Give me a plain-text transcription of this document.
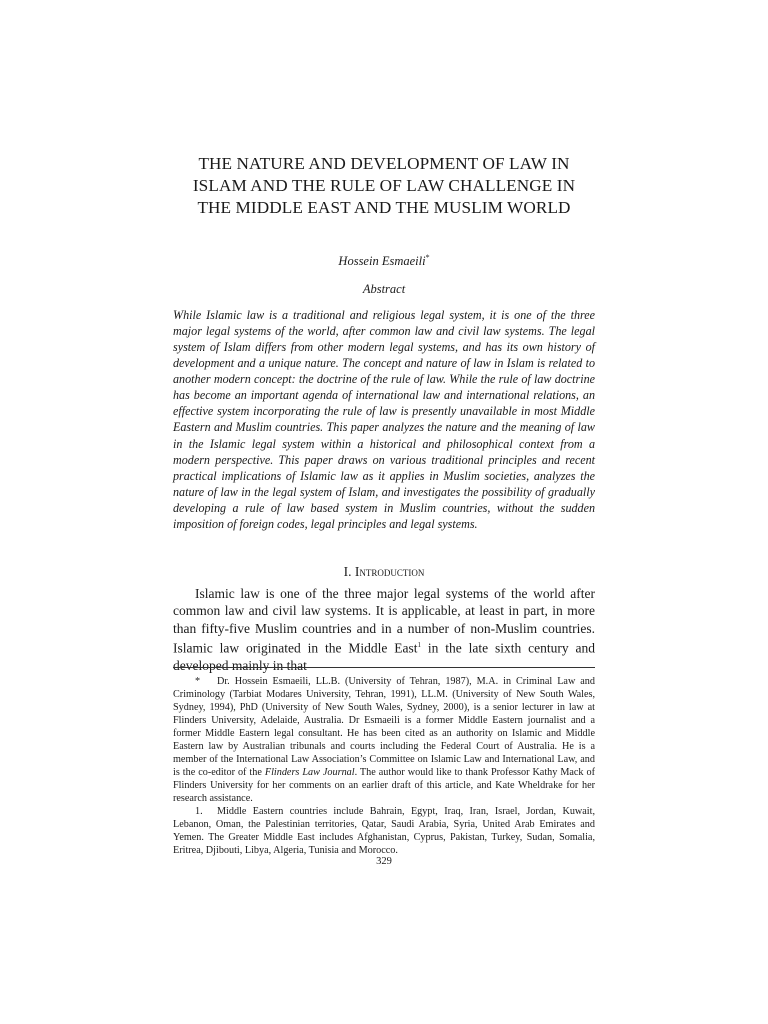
THE NATURE AND DEVELOPMENT OF LAW IN
ISLAM AND THE RULE OF LAW CHALLENGE IN
THE MIDDLE EAST AND THE MUSLIM WORLD
Hossein Esmaeili*
Abstract

While Islamic law is a traditional and religious legal system, it is one of the three major legal systems of the world, after common law and civil law systems. The legal system of Islam differs from other modern legal systems, and has its own history of development and a unique nature. The concept and nature of law in Islam is related to another modern concept: the doctrine of the rule of law. While the rule of law doctrine has become an important agenda of international law and international relations, an effective system incorporating the rule of law is presently unavailable in most Middle Eastern and Muslim countries. This paper analyzes the nature and the meaning of law in the Islamic legal system within a historical and philosophical context from a modern perspective. This paper draws on various traditional principles and recent practical implications of Islamic law as it applies in Muslim societies, analyzes the nature of law in the legal system of Islam, and investigates the possibility of gradually developing a rule of law based system in Muslim countries, without the sudden imposition of foreign codes, legal principles and legal systems.

I. Introduction

Islamic law is one of the three major legal systems of the world after common law and civil law systems. It is applicable, at least in part, in more than fifty-five Muslim countries and in a number of non-Muslim countries. Islamic law originated in the Middle East$^1$ in the late sixth century and developed mainly in that

* Dr. Hossein Esmaeili, LL.B. (University of Tehran, 1987), M.A. in Criminal Law and Criminology (Tarbiat Modares University, Tehran, 1991), LL.M. (University of New South Wales, Sydney, 1994), PhD (University of New South Wales, Sydney, 2000), is a senior lecturer in law at Flinders University, Adelaide, Australia. Dr Esmaeili is a former Middle Eastern journalist and a former Middle Eastern legal consultant. He has been cited as an authority on Islamic and Middle Eastern law by Australian tribunals and courts including the Federal Court of Australia. He is a member of the International Law Association’s Committee on Islamic Law and International Law, and is the co-editor of the Flinders Law Journal. The author would like to thank Professor Kathy Mack of Flinders University for her comments on an earlier draft of this article, and Kate Wheldrake for her research assistance.

1. Middle Eastern countries include Bahrain, Egypt, Iraq, Iran, Israel, Jordan, Kuwait, Lebanon, Oman, the Palestinian territories, Qatar, Saudi Arabia, Syria, United Arab Emirates and Yemen. The Greater Middle East includes Afghanistan, Cyprus, Pakistan, Turkey, Sudan, Somalia, Eritrea, Djibouti, Libya, Algeria, Tunisia and Morocco.

329
